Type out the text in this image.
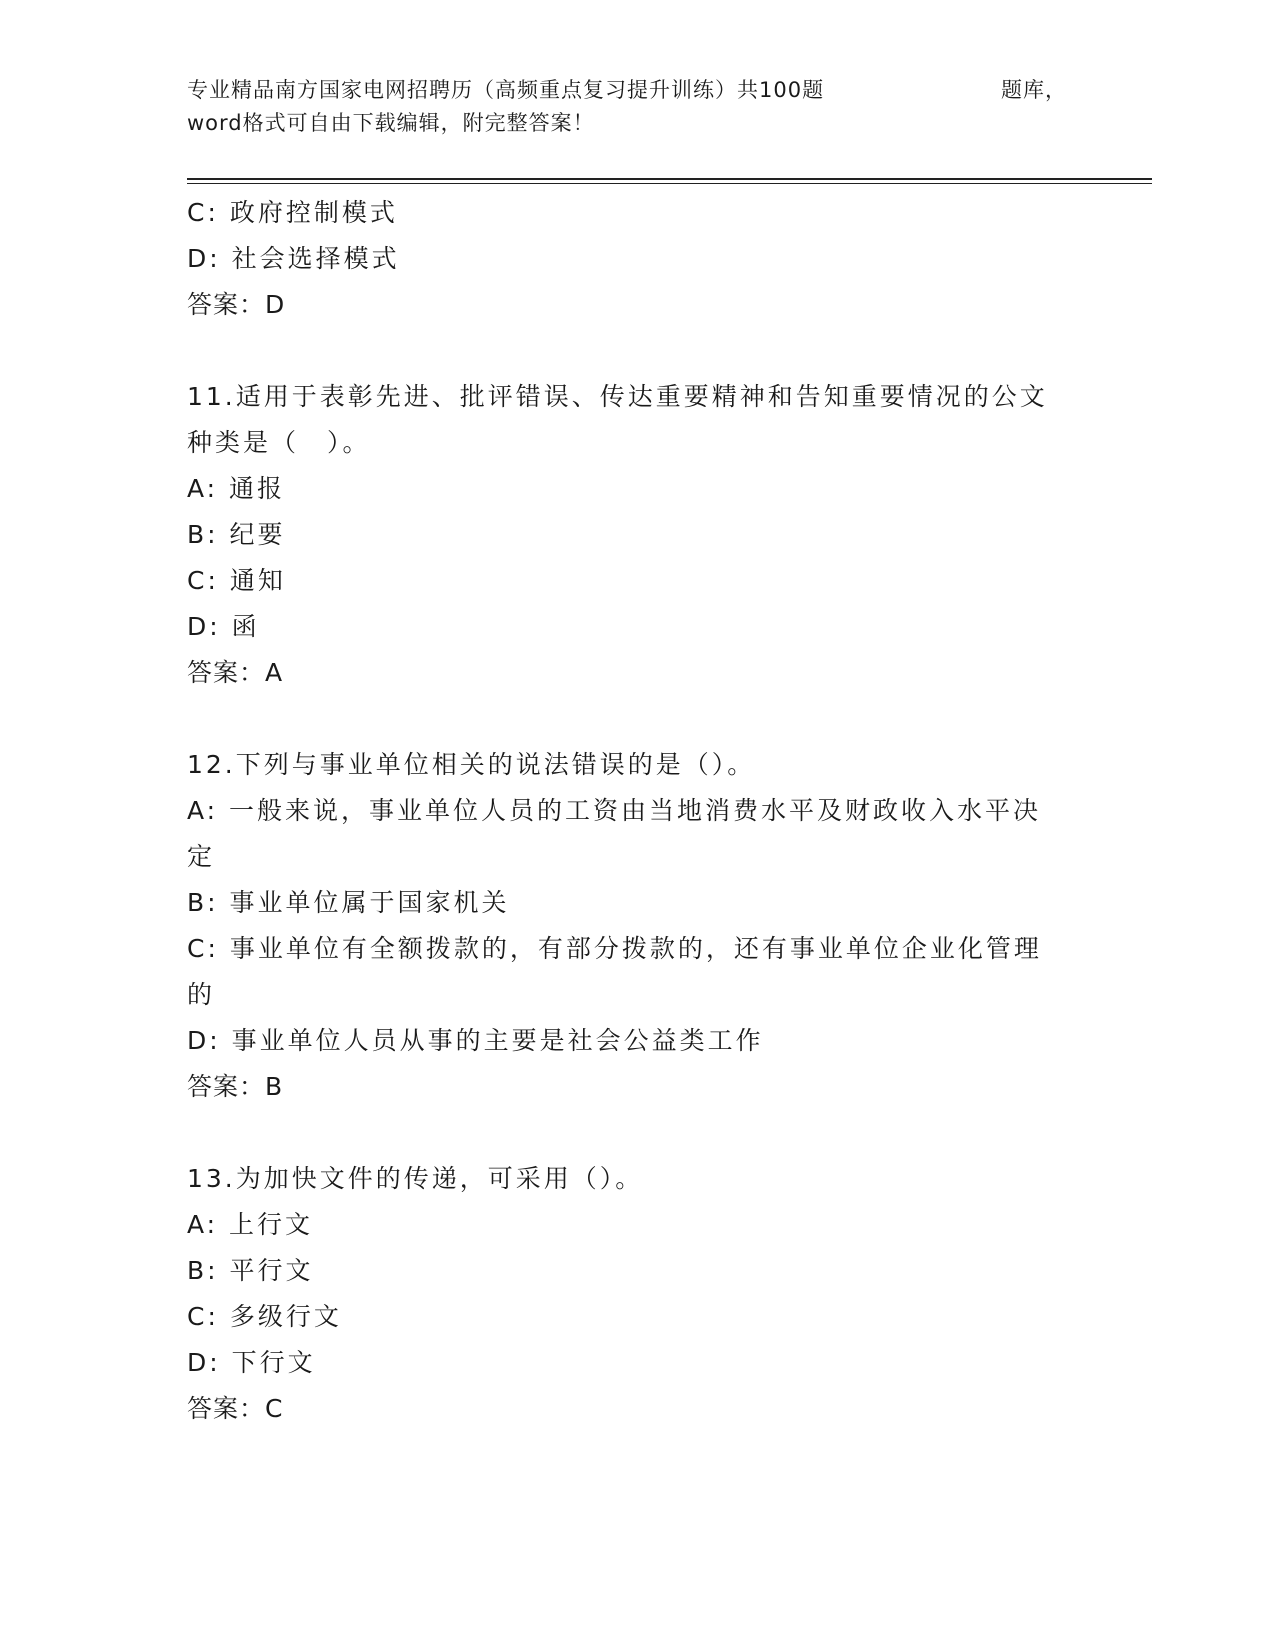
专业精品南方国家电网招聘历（高频重点复习提升训练）共100题	题库，
word格式可自由下载编辑，附完整答案！
C: 政府控制模式
D: 社会选择模式
答案：D
11.适用于表彰先进、批评错误、传达重要精神和告知重要情况的公文
种类是（　）。
A: 通报
B: 纪要
C: 通知
D: 函
答案：A
12.下列与事业单位相关的说法错误的是（）。
A: 一般来说，事业单位人员的工资由当地消费水平及财政收入水平决
定
B: 事业单位属于国家机关
C: 事业单位有全额拨款的，有部分拨款的，还有事业单位企业化管理
的
D: 事业单位人员从事的主要是社会公益类工作
答案：B
13.为加快文件的传递，可采用（）。
A: 上行文
B: 平行文
C: 多级行文
D: 下行文
答案：C
